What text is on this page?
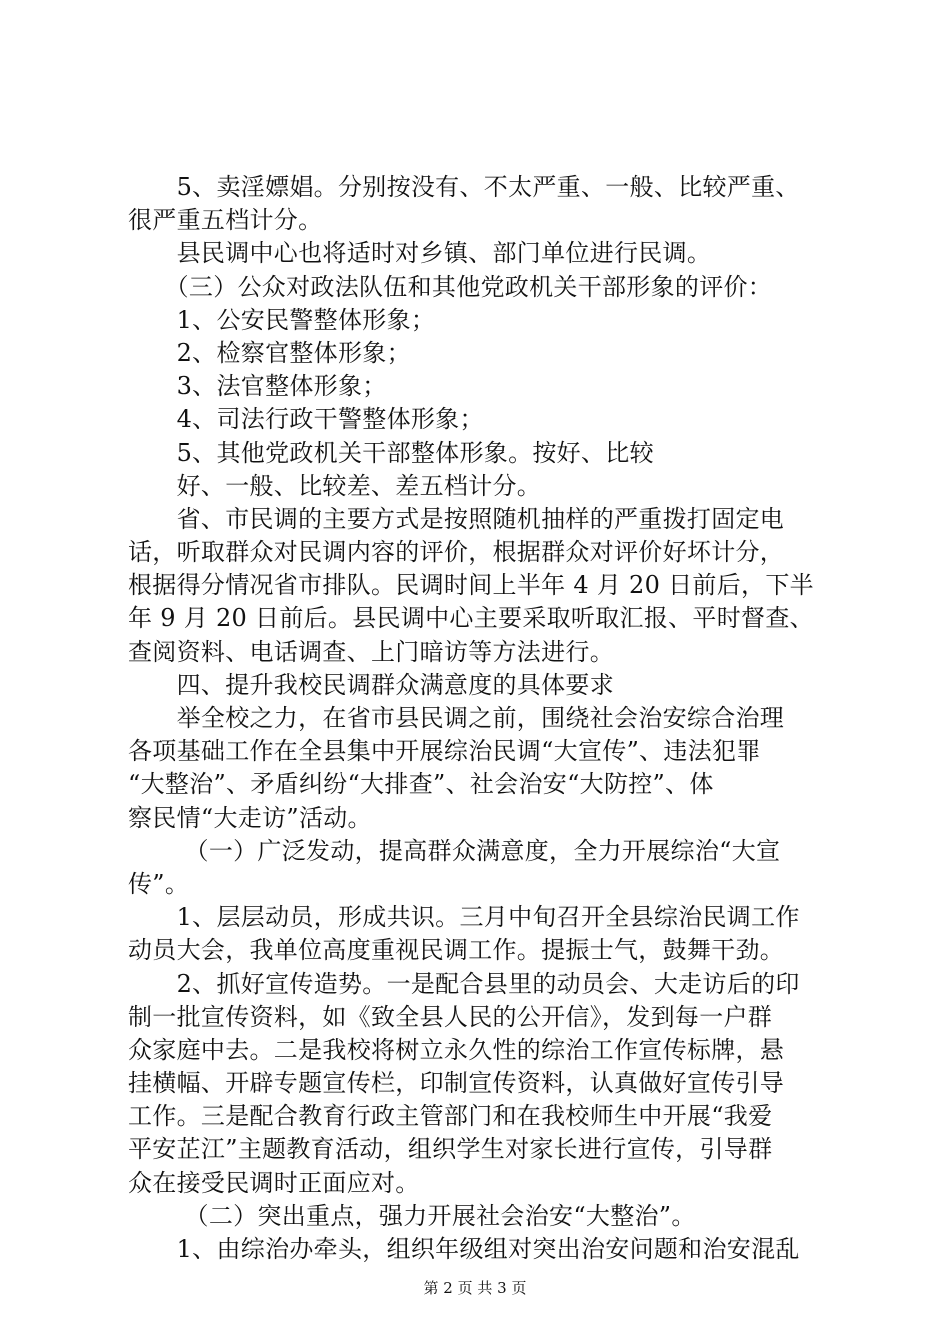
　　5、卖淫嫖娼。分别按没有、不太严重、一般、比较严重、
很严重五档计分。
　　县民调中心也将适时对乡镇、部门单位进行民调。
　　（三）公众对政法队伍和其他党政机关干部形象的评价：
　　1、公安民警整体形象；
　　2、检察官整体形象；
　　3、法官整体形象；
　　4、司法行政干警整体形象；
　　5、其他党政机关干部整体形象。按好、比较
　　好、一般、比较差、差五档计分。
　　省、市民调的主要方式是按照随机抽样的严重拨打固定电
话，听取群众对民调内容的评价，根据群众对评价好坏计分，
根据得分情况省市排队。民调时间上半年 4 月 20 日前后，下半
年 9 月 20 日前后。县民调中心主要采取听取汇报、平时督查、
查阅资料、电话调查、上门暗访等方法进行。
　　四、提升我校民调群众满意度的具体要求
　　举全校之力，在省市县民调之前，围绕社会治安综合治理
各项基础工作在全县集中开展综治民调“大宣传”、违法犯罪
“大整治”、矛盾纠纷“大排查”、社会治安“大防控”、体
察民情“大走访”活动。
　　 （一）广泛发动，提高群众满意度，全力开展综治“大宣
传”。
　　1、层层动员，形成共识。三月中旬召开全县综治民调工作
动员大会，我单位高度重视民调工作。提振士气，鼓舞干劲。
　　2、抓好宣传造势。一是配合县里的动员会、大走访后的印
制一批宣传资料，如《致全县人民的公开信》，发到每一户群
众家庭中去。二是我校将树立永久性的综治工作宣传标牌，悬
挂横幅、开辟专题宣传栏，印制宣传资料，认真做好宣传引导
工作。三是配合教育行政主管部门和在我校师生中开展“我爱
平安芷江”主题教育活动，组织学生对家长进行宣传，引导群
众在接受民调时正面应对。
　　 （二）突出重点，强力开展社会治安“大整治”。
　　1、由综治办牵头，组织年级组对突出治安问题和治安混乱
第 2 页 共 3 页
